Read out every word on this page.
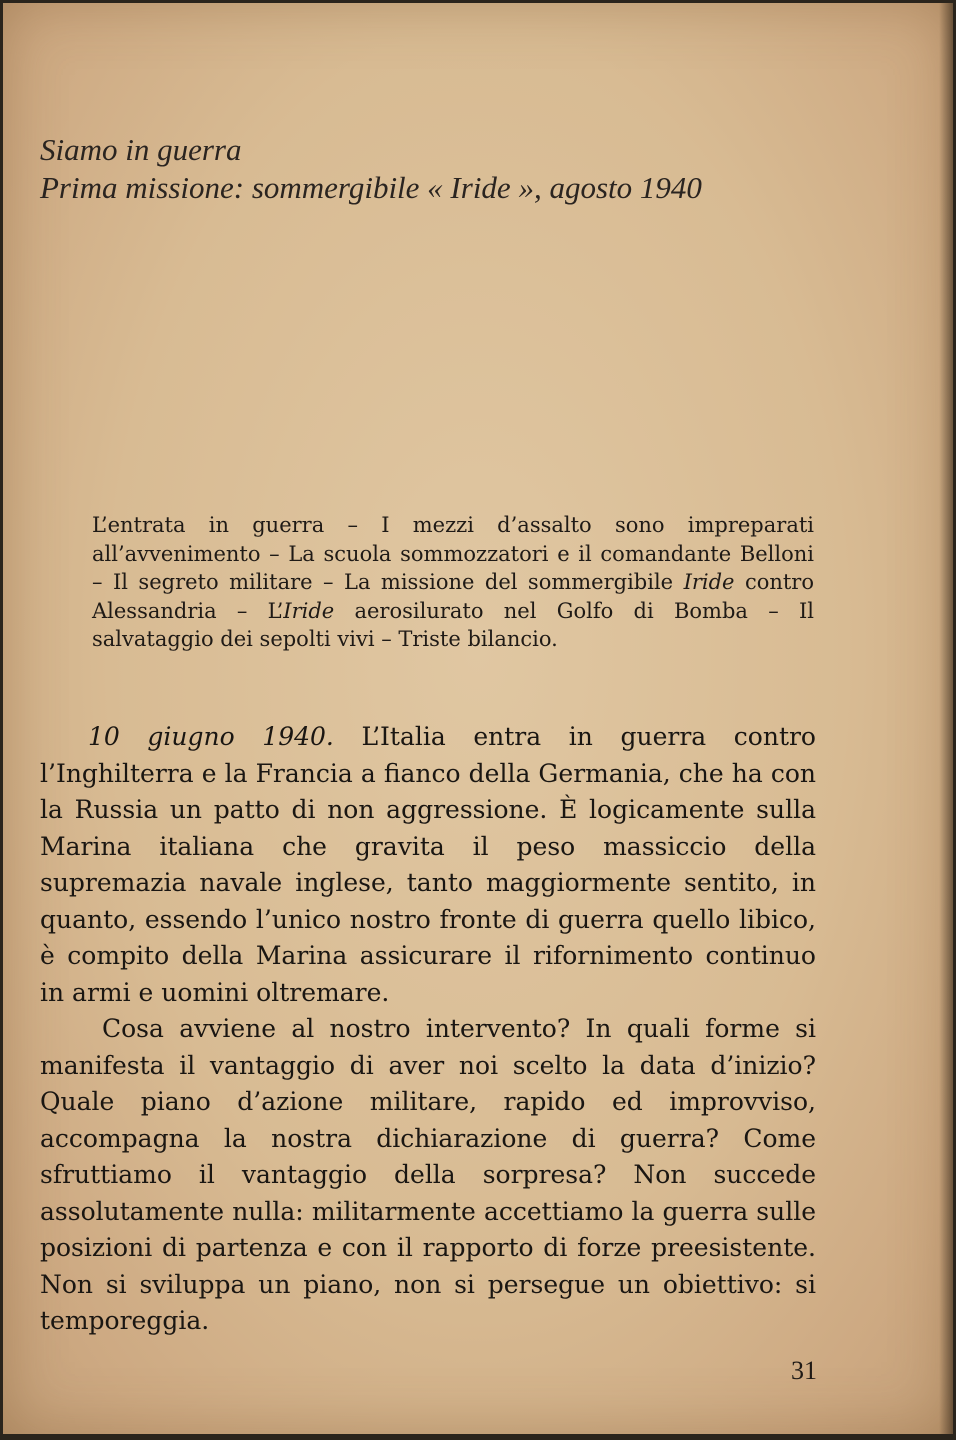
Siamo in guerra
Prima missione: sommergibile « Iride », agosto 1940
L’entrata in guerra – I mezzi d’assalto sono impreparati all’avvenimento – La scuola sommozzatori e il comandante Belloni – Il segreto militare – La missione del sommergibile Iride contro Alessandria – L’Iride aerosilurato nel Golfo di Bomba – Il salvataggio dei sepolti vivi – Triste bilancio.

10 giugno 1940. L’Italia entra in guerra contro l’Inghilterra e la Francia a fianco della Germania, che ha con la Russia un patto di non aggressione. È logicamente sulla Marina italiana che gravita il peso massiccio della supremazia navale inglese, tanto maggiormente sentito, in quanto, essendo l’unico nostro fronte di guerra quello libico, è compito della Marina assicurare il rifornimento continuo in armi e uomini oltremare.

Cosa avviene al nostro intervento? In quali forme si manifesta il vantaggio di aver noi scelto la data d’inizio? Quale piano d’azione militare, rapido ed improvviso, accompagna la nostra dichiarazione di guerra? Come sfruttiamo il vantaggio della sorpresa? Non succede assolutamente nulla: militarmente accettiamo la guerra sulle posizioni di partenza e con il rapporto di forze preesistente. Non si sviluppa un piano, non si persegue un obiettivo: si temporeggia.

31
